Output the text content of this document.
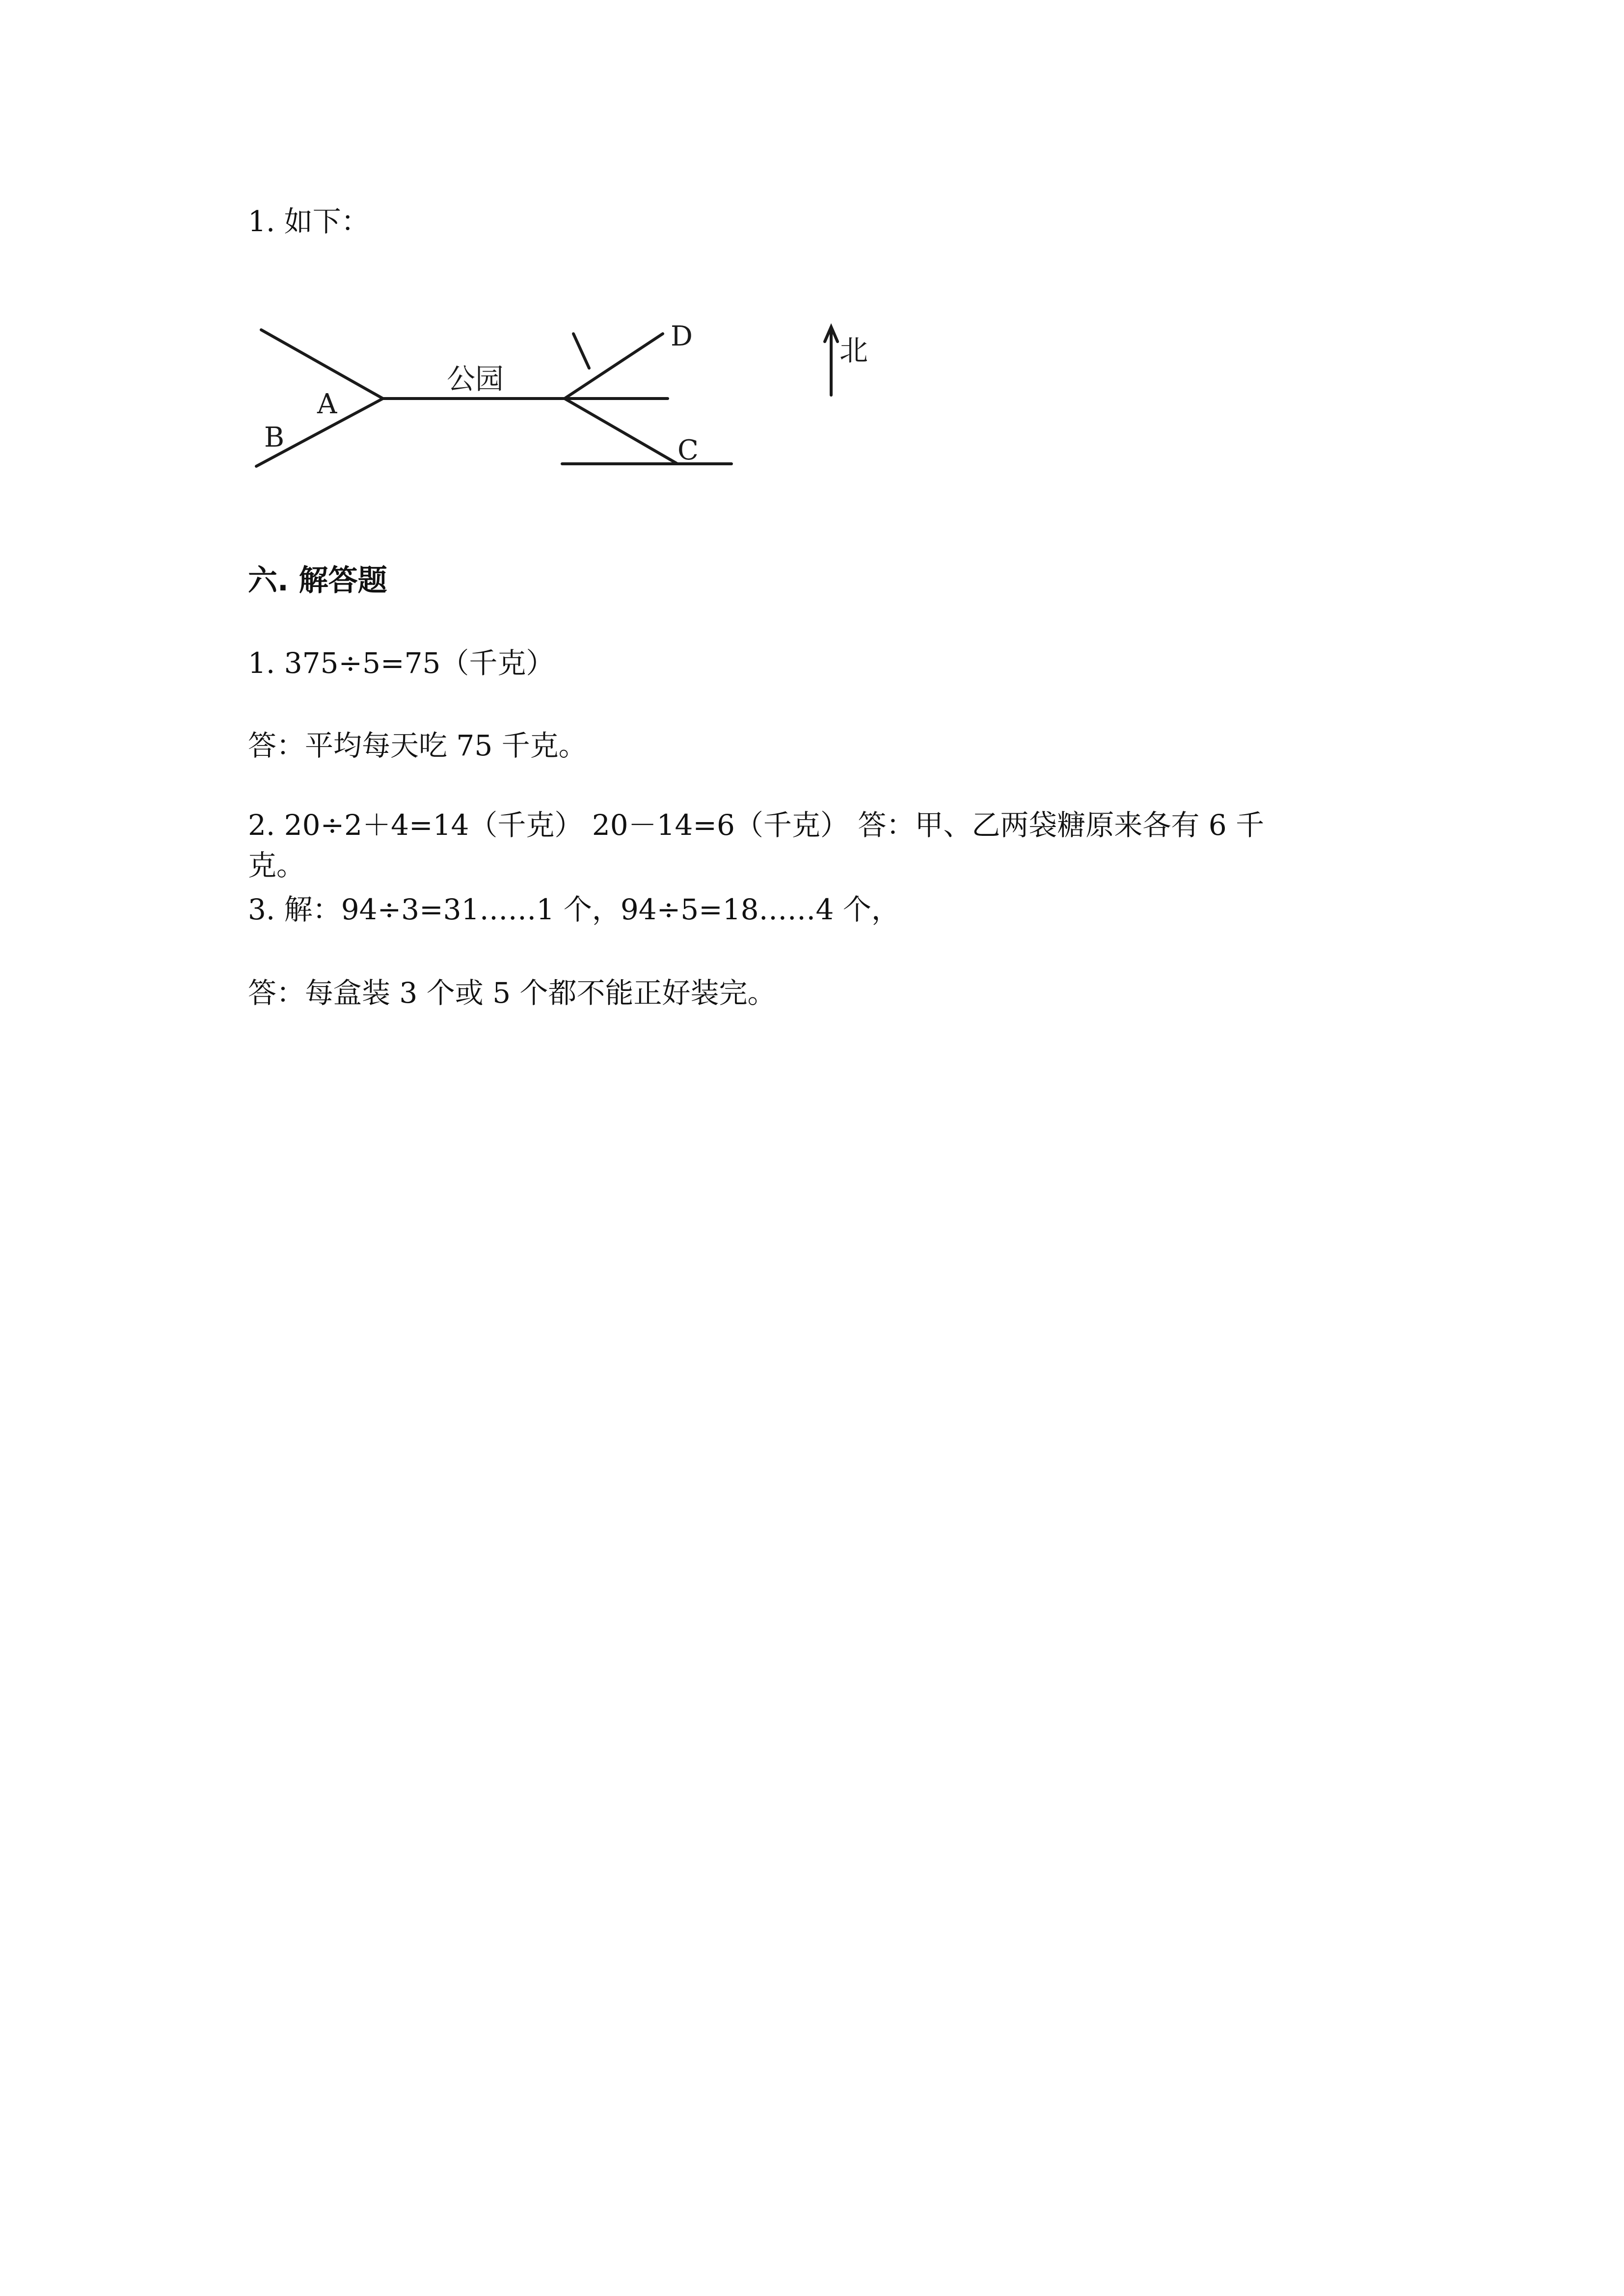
1. 如下：
公园
A
B	C
D	北
六. 解答题
1. 375÷5=75（千克）
答：平均每天吃 75 千克。
2. 20÷2＋4=14（千克） 20－14=6（千克） 答：甲、乙两袋糖原来各有 6 千
克。
3. 解：94÷3=31……1 个，94÷5=18……4 个，
答：每盒装 3 个或 5 个都不能正好装完。
